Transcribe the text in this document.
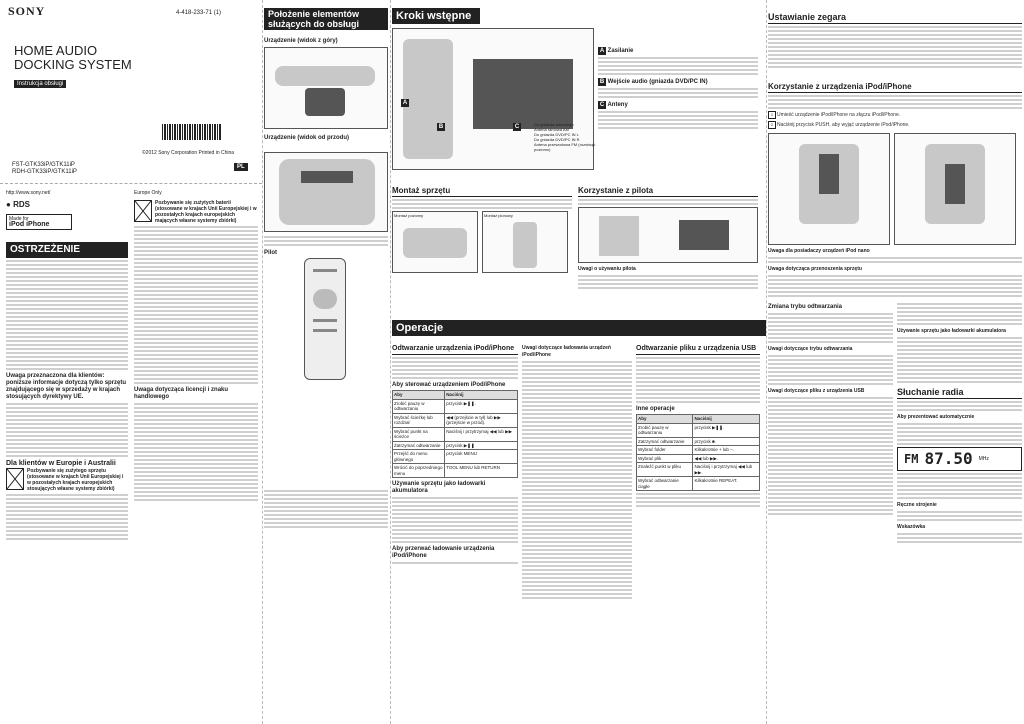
SONY	4-418-233-71 (1)
HOME AUDIO
DOCKING SYSTEM
Instrukcja obsługi
©2012 Sony Corporation Printed in China
PL
FST-GTK33iP/GTK11iP
RDH-GTK33iP/GTK11iP
http://www.sony.net/
● RDS
Made for
iPod iPhone
OSTRZEŻENIE
Uwaga przeznaczona dla klientów: poniższe informacje dotyczą tylko sprzętu znajdującego się w sprzedaży w krajach stosujących dyrektywy UE.
Dla klientów w Europie i Australii
Pozbywanie się zużytego sprzętu (stosowane w krajach Unii Europejskiej i w pozostałych krajach europejskich stosujących własne systemy zbiórki)
Europe Only
Pozbywanie się zużytych baterii (stosowane w krajach Unii Europejskiej i w pozostałych krajach europejskich mających własne systemy zbiórki)
Uwaga dotycząca licencji i znaku handlowego
Położenie elementów służących do obsługi
Urządzenie (widok z góry)
Urządzenie (widok od przodu)
Pilot
Kroki wstępne
A
B	C	Do gniazda ściennego
Antena ramowa AM
Do gniazda DVD/PC IN L
Do gniazda DVD/PC IN R
Antena przewodowa FM (rozwinąć poziomo)
A Zasilanie
B Wejście audio (gniazda DVD/PC IN)
C Anteny
Montaż sprzętu
Montaż poziomy	Montaż pionowy
Korzystanie z pilota
Uwagi o używaniu pilota
Operacje
Odtwarzanie urządzenia iPod/iPhone
Aby sterować urządzeniem iPod/iPhone
Aby	Naciśnij
Zrobić pauzę w odtwarzaniu	przycisk ▶❚❚.
Wybrać ścieżkę lub rozdział	◀◀ (przejście w tył) lub ▶▶ (przejście w przód).
Wybrać punkt na ścieżce	Naciśnij i przytrzymaj ◀◀ lub ▶▶
Zatrzymać odtwarzanie	przycisk ▶❚❚
Przejść do menu głównego	przycisk MENU
Wrócić do poprzedniego menu	TOOL MENU lub RETURN
Używanie sprzętu jako ładowarki akumulatora
Aby przerwać ładowanie urządzenia iPod/iPhone
Uwagi dotyczące ładowania urządzeń iPod/iPhone
Odtwarzanie pliku z urządzenia USB
Inne operacje
Aby	Naciśnij
Zrobić pauzę w odtwarzaniu	przycisk ▶❚❚.
Zatrzymać odtwarzanie	przycisk ■.
Wybrać folder	Kilkakrotnie + lub –.
Wybrać plik	◀◀ lub ▶▶.
Znaleźć punkt w pliku	Naciśnij i przytrzymaj ◀◀ lub ▶▶.
Wybrać odtwarzanie ciągłe	Kilkakrotnie REPEAT.
Ustawianie zegara
Korzystanie z urządzenia iPod/iPhone
1 Umieść urządzenie iPod/iPhone na złączu iPod/iPhone.
2 Naciśnij przycisk PUSH, aby wyjąć urządzenie iPod/iPhone.
Uwaga dla posiadaczy urządzeń iPod nano
Uwaga dotycząca przenoszenia sprzętu
Zmiana trybu odtwarzania
Uwagi dotyczące trybu odtwarzania
Uwagi dotyczące pliku z urządzenia USB
Używanie sprzętu jako ładowarki akumulatora
Słuchanie radia
Aby prezentować automatycznie
FM 87.50 MHz
Ręczne strojenie
Wskazówka
